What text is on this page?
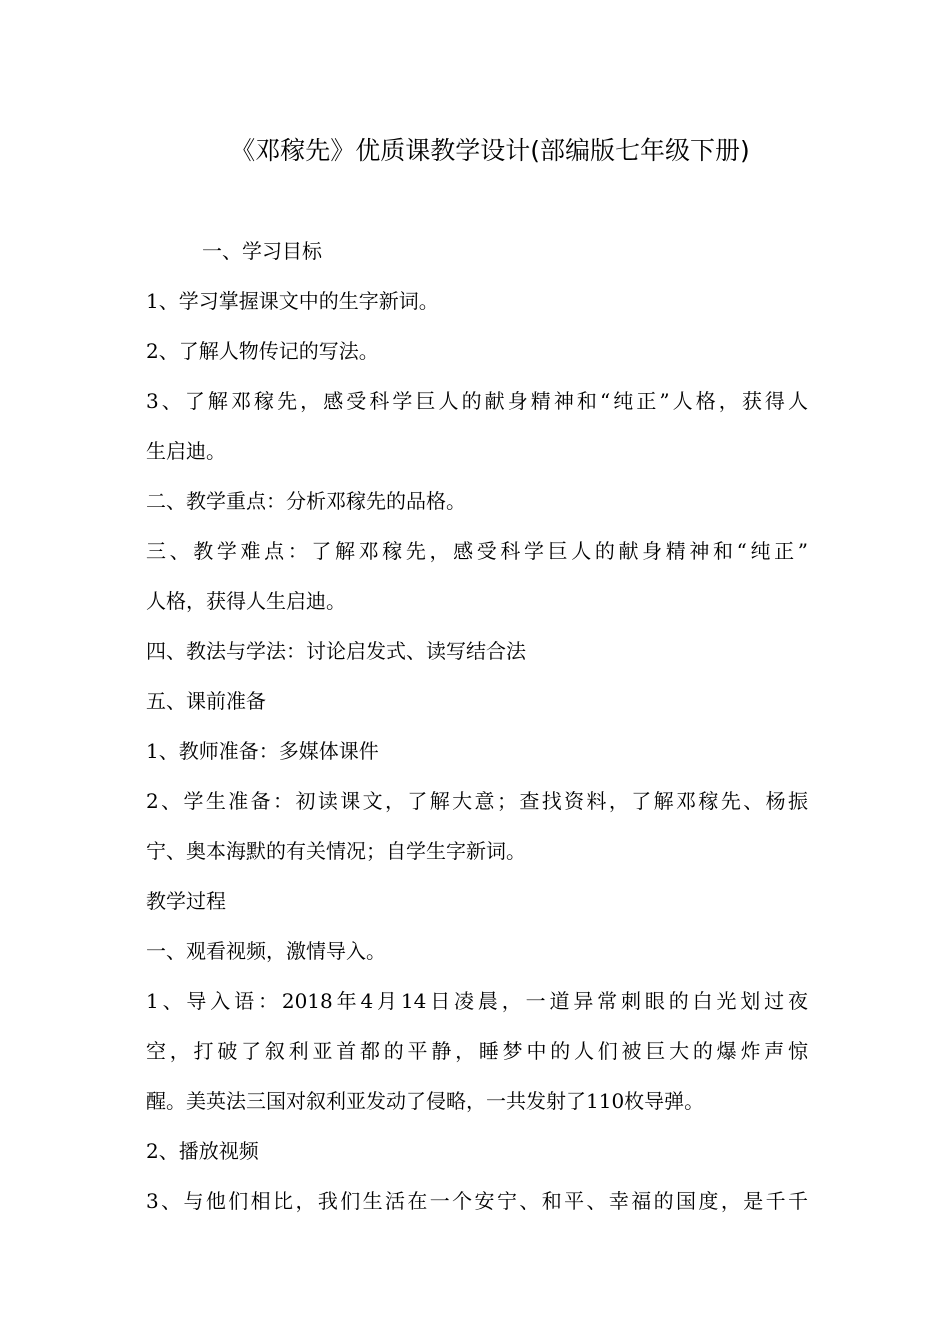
《邓稼先》优质课教学设计(部编版七年级下册)

一、学习目标

1、学习掌握课文中的生字新词。

2、了解人物传记的写法。

3、了解邓稼先，感受科学巨人的献身精神和“纯正”人格，获得人

生启迪。

二、教学重点：分析邓稼先的品格。

三、教学难点：了解邓稼先，感受科学巨人的献身精神和“纯正”

人格，获得人生启迪。

四、教法与学法：讨论启发式、读写结合法

五、课前准备

1、教师准备：多媒体课件

2、学生准备：初读课文，了解大意；查找资料，了解邓稼先、杨振

宁、奥本海默的有关情况；自学生字新词。

教学过程

一、观看视频，激情导入。

1、导入语：2018年4月14日凌晨，一道异常刺眼的白光划过夜

空，打破了叙利亚首都的平静，睡梦中的人们被巨大的爆炸声惊

醒。美英法三国对叙利亚发动了侵略，一共发射了110枚导弹。

2、播放视频

3、与他们相比，我们生活在一个安宁、和平、幸福的国度，是千千
